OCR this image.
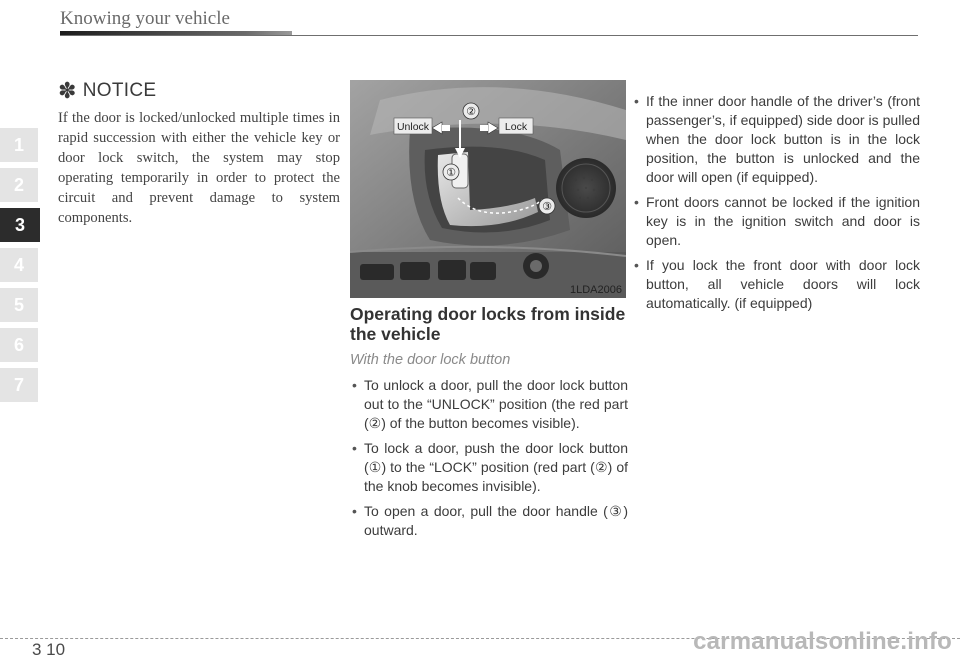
Knowing your vehicle
1
2
3
4
5
6
7
✽ NOTICE

If the door is locked/unlocked multiple times in rapid succession with either the vehicle key or door lock switch, the system may stop operating temporarily in order to protect the circuit and prevent damage to system components.

Unlock	Lock
②
①
③
1LDA2006
Operating door locks from inside the vehicle
With the door lock button
• To unlock a door, pull the door lock button out to the “UNLOCK” position (the red part (②) of the button becomes visible).
• To lock a door, push the door lock button (①) to the “LOCK” position (red part (②) of the knob becomes invisible).
• To open a door, pull the door handle (③) outward.
• If the inner door handle of the driver’s (front passenger’s, if equipped) side door is pulled when the door lock button is in the lock position, the button is unlocked and the door will open (if equipped).
• Front doors cannot be locked if the ignition key is in the ignition switch and door is open.
• If you lock the front door with door lock button, all vehicle doors will lock automatically. (if equipped)
3 10	carmanualsonline.info
